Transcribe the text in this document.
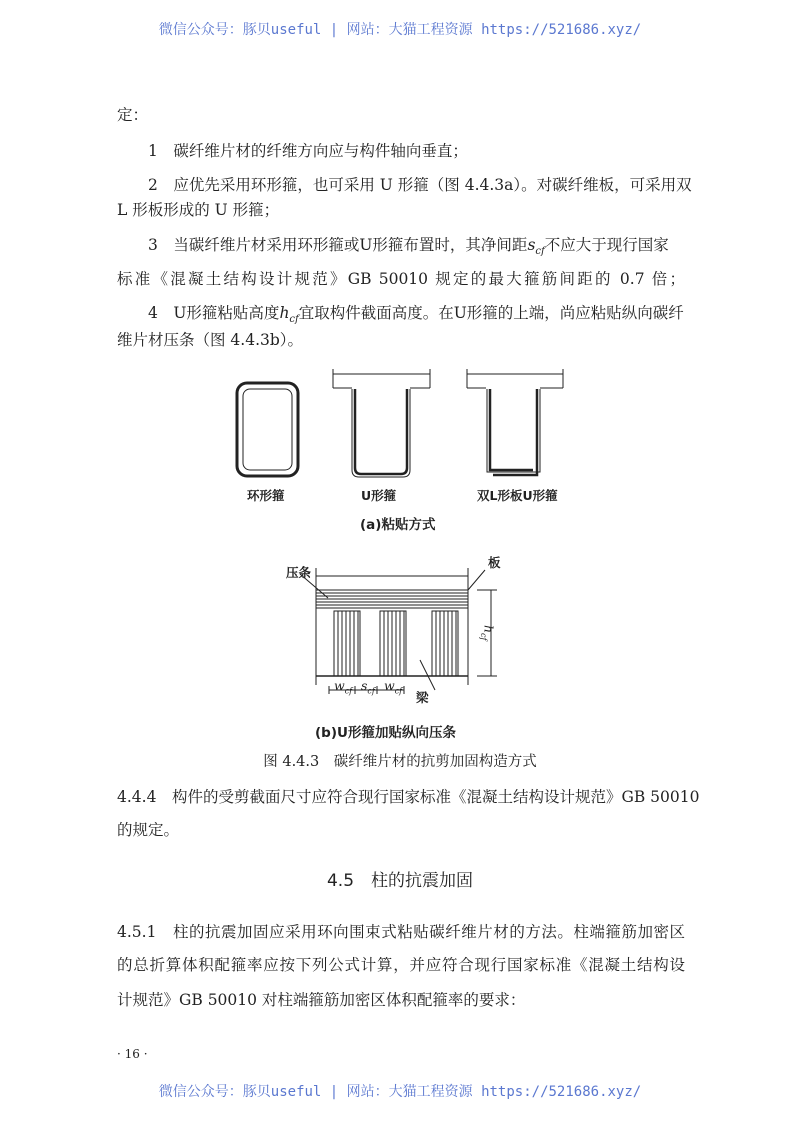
微信公众号：豚贝useful | 网站：大猫工程资源 https://521686.xyz/
定：
1　碳纤维片材的纤维方向应与构件轴向垂直；
2　应优先采用环形箍，也可采用 U 形箍（图 4.4.3a）。对碳纤维板，可采用双
L 形板形成的 U 形箍；
3　当碳纤维片材采用环形箍或U形箍布置时，其净间距$s_{cf}$不应大于现行国家
标准《混凝土结构设计规范》GB 50010 规定的最大箍筋间距的 0.7 倍；
4　U形箍粘贴高度$h_{cf}$宜取构件截面高度。在U形箍的上端，尚应粘贴纵向碳纤
维片材压条（图 4.4.3b）。
环形箍	U形箍	双L形板U形箍
(a)粘贴方式
压条
板
梁
$h_{cf}$
$w_{cf}$ $s_{cf}$ $w_{cf}$
(b)U形箍加贴纵向压条
图 4.4.3　碳纤维片材的抗剪加固构造方式
4.4.4　构件的受剪截面尺寸应符合现行国家标准《混凝土结构设计规范》GB 50010
的规定。
4.5　柱的抗震加固
4.5.1　柱的抗震加固应采用环向围束式粘贴碳纤维片材的方法。柱端箍筋加密区
的总折算体积配箍率应按下列公式计算，并应符合现行国家标准《混凝土结构设
计规范》GB 50010 对柱端箍筋加密区体积配箍率的要求：
· 16 ·
微信公众号：豚贝useful | 网站：大猫工程资源 https://521686.xyz/
